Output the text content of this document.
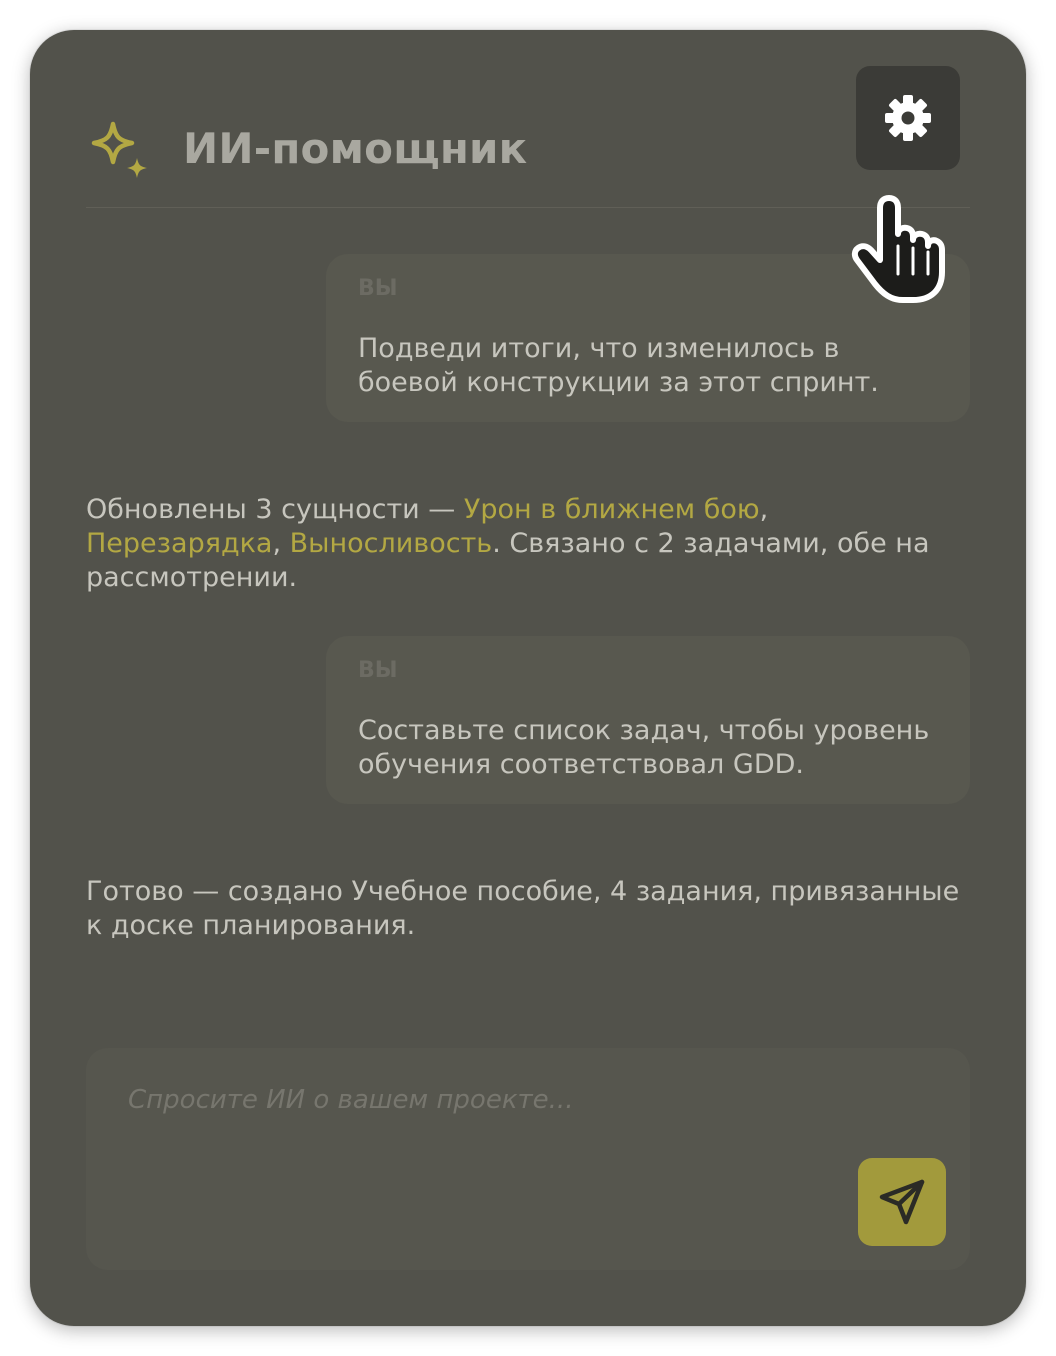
ИИ-помощник
ВЫ
Подведи итоги, что изменилось в боевой конструкции за этот спринт.
Обновлены 3 сущности — Урон в ближнем бою, Перезарядка, Выносливость. Связано с 2 задачами, обе на рассмотрении.
ВЫ
Составьте список задач, чтобы уровень обучения соответствовал GDD.
Готово — создано Учебное пособие, 4 задания, привязанные к доске планирования.
Спросите ИИ о вашем проекте...
